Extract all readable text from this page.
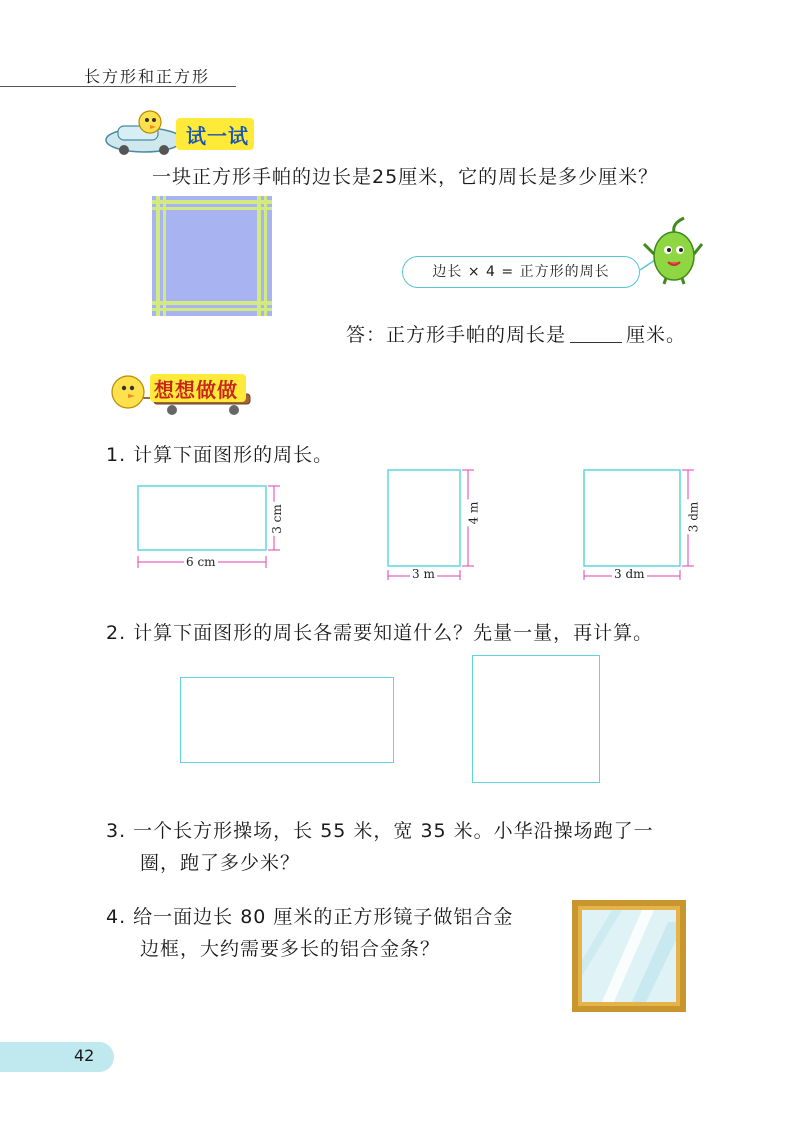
长方形和正方形
试一试
一块正方形手帕的边长是25厘米，它的周长是多少厘米？
边长 × 4 = 正方形的周长
答：正方形手帕的周长是	厘米。
想想做做
1. 计算下面图形的周长。
6 cm
3 cm
3 m
4 m
3 dm
3 dm
2. 计算下面图形的周长各需要知道什么？先量一量，再计算。
3. 一个长方形操场，长 55 米，宽 35 米。小华沿操场跑了一
圈，跑了多少米？
4. 给一面边长 80 厘米的正方形镜子做铝合金
边框，大约需要多长的铝合金条？
42
